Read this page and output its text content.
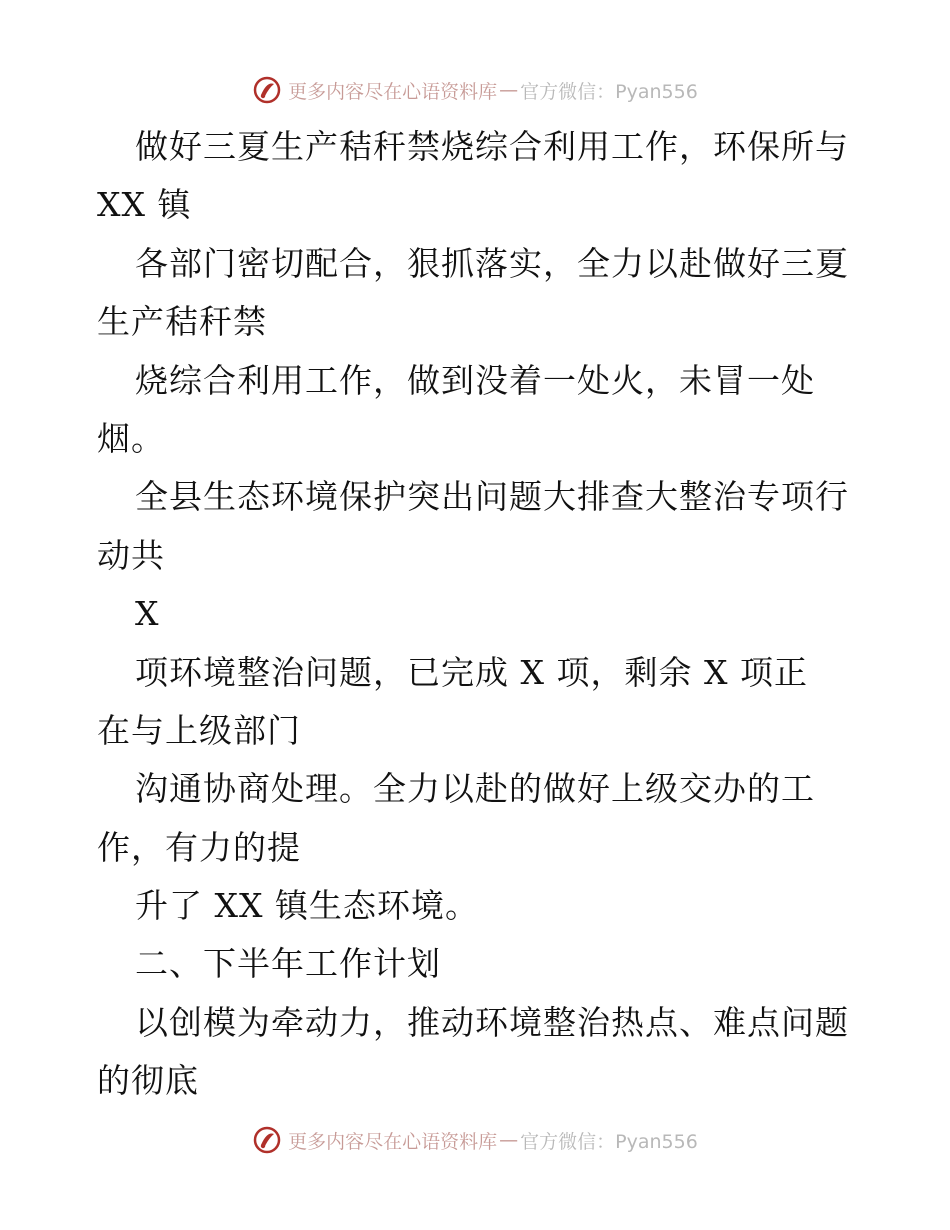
更多内容尽在心语资料库 — 官方微信：Pyan556
做好三夏生产秸秆禁烧综合利用工作，环保所与
XX 镇
各部门密切配合，狠抓落实，全力以赴做好三夏
生产秸秆禁
烧综合利用工作，做到没着一处火，未冒一处
烟。
全县生态环境保护突出问题大排查大整治专项行
动共
X
项环境整治问题，已完成 X 项，剩余 X 项正
在与上级部门
沟通协商处理。全力以赴的做好上级交办的工
作，有力的提
升了 XX 镇生态环境。
二、下半年工作计划
以创模为牵动力，推动环境整治热点、难点问题
的彻底
更多内容尽在心语资料库 — 官方微信：Pyan556
